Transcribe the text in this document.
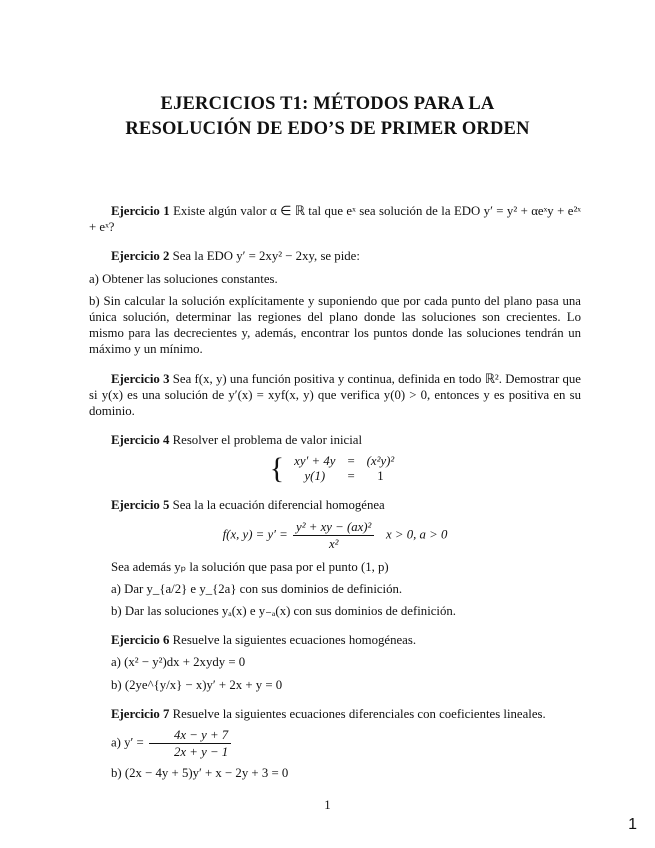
EJERCICIOS T1: MÉTODOS PARA LA
RESOLUCIÓN DE EDO’S DE PRIMER ORDEN

Ejercicio 1 Existe algún valor α ∈ ℝ tal que eˣ sea solución de la EDO y′ = y² + αeˣy + e²ˣ + eˣ?

Ejercicio 2 Sea la EDO y′ = 2xy² − 2xy, se pide:

a) Obtener las soluciones constantes.

b) Sin calcular la solución explícitamente y suponiendo que por cada punto del plano pasa una única solución, determinar las regiones del plano donde las soluciones son crecientes. Lo mismo para las decrecientes y, además, encontrar los puntos donde las soluciones tendrán un máximo y un mínimo.

Ejercicio 3 Sea f(x, y) una función positiva y continua, definida en todo ℝ². Demostrar que si y(x) es una solución de y′(x) = xyf(x, y) que verifica y(0) > 0, entonces y es positiva en su dominio.

Ejercicio 4 Resolver el problema de valor inicial

{ xy′ + 4y	=	(x²y)²
y(1)	=	1

Ejercicio 5 Sea la la ecuación diferencial homogénea

f(x, $y) = y' = \frac{\text{y² + xy − (ax)²}}{\text{x²}}$ x > 0, a > 0

Sea además yₚ la solución que pasa por el punto (1, p)

a) Dar y_{a/2} e y_{2a} con sus dominios de definición.

b) Dar las soluciones yₐ(x) e y₋ₐ(x) con sus dominios de definición.

Ejercicio 6 Resuelve la siguientes ecuaciones homogéneas.

a) (x² − y²)dx + 2xydy = 0

b) (2ye^{y/x} − x)y′ + 2x + y = 0

Ejercicio 7 Resuelve la siguientes ecuaciones diferenciales con coeficientes lineales.

a) $y' = \frac{4x - y + 7}{2x + y - 1}$

b) (2x − 4y + 5)y′ + x − 2y + 3 = 0

1
1
